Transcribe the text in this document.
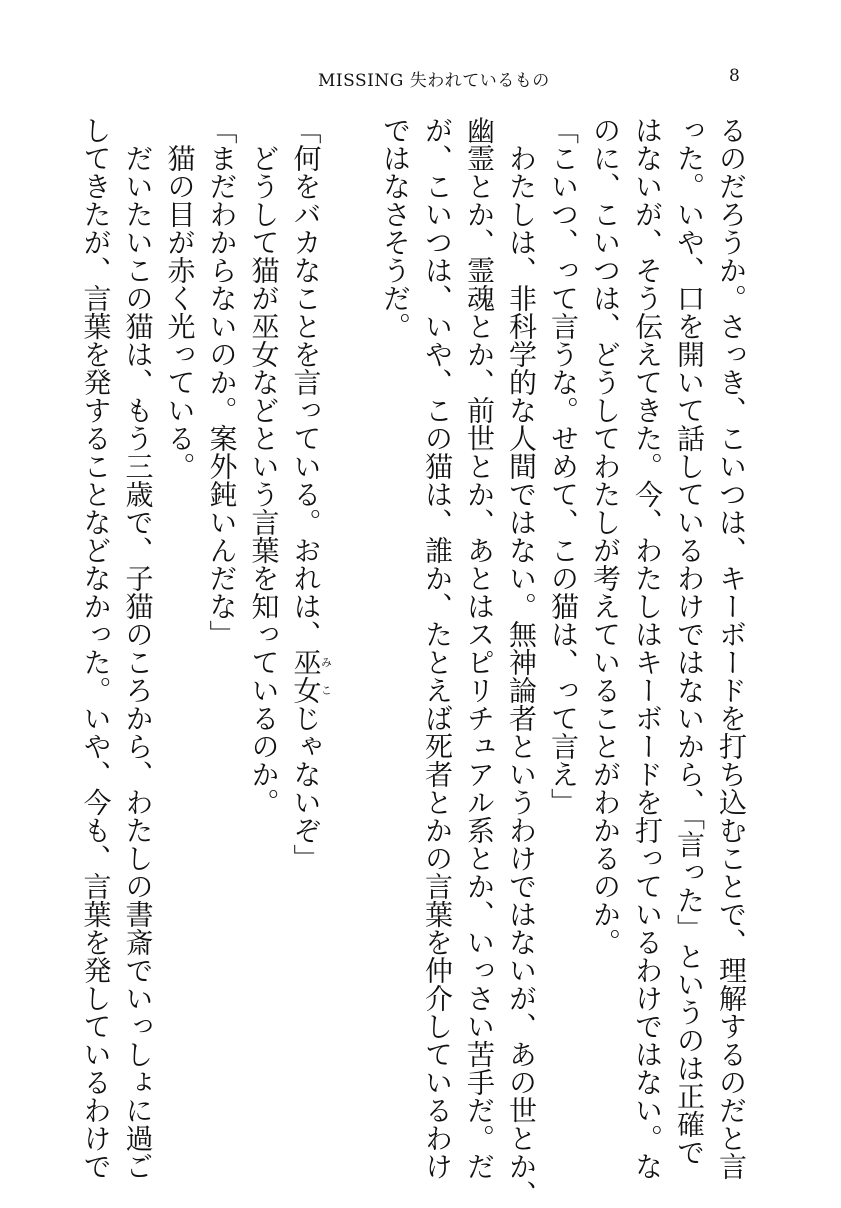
MISSING 失われているもの	8

るのだろうか。さっき、こいつは、キーボードを打ち込むことで、理解するのだと言

った。いや、口を開いて話しているわけではないから、「言った」というのは正確で

はないが、そう伝えてきた。今、わたしはキーボードを打っているわけではない。な

のに、こいつは、どうしてわたしが考えていることがわかるのか。

「こいつ、って言うな。せめて、この猫は、って言え」

　わたしは、非科学的な人間ではない。無神論者というわけではないが、あの世とか、

幽霊とか、霊魂とか、前世とか、あとはスピリチュアル系とか、いっさい苦手だ。だ

が、こいつは、いや、この猫は、誰か、たとえば死者とかの言葉を仲介しているわけ

ではなさそうだ。

「何をバカなことを言っている。おれは、巫女みこじゃないぞ」

　どうして猫が巫女などという言葉を知っているのか。

「まだわからないのか。案外鈍いんだな」

　猫の目が赤く光っている。

　だいたいこの猫は、もう三歳で、子猫のころから、わたしの書斎でいっしょに過ご

してきたが、言葉を発することなどなかった。いや、今も、言葉を発しているわけで
